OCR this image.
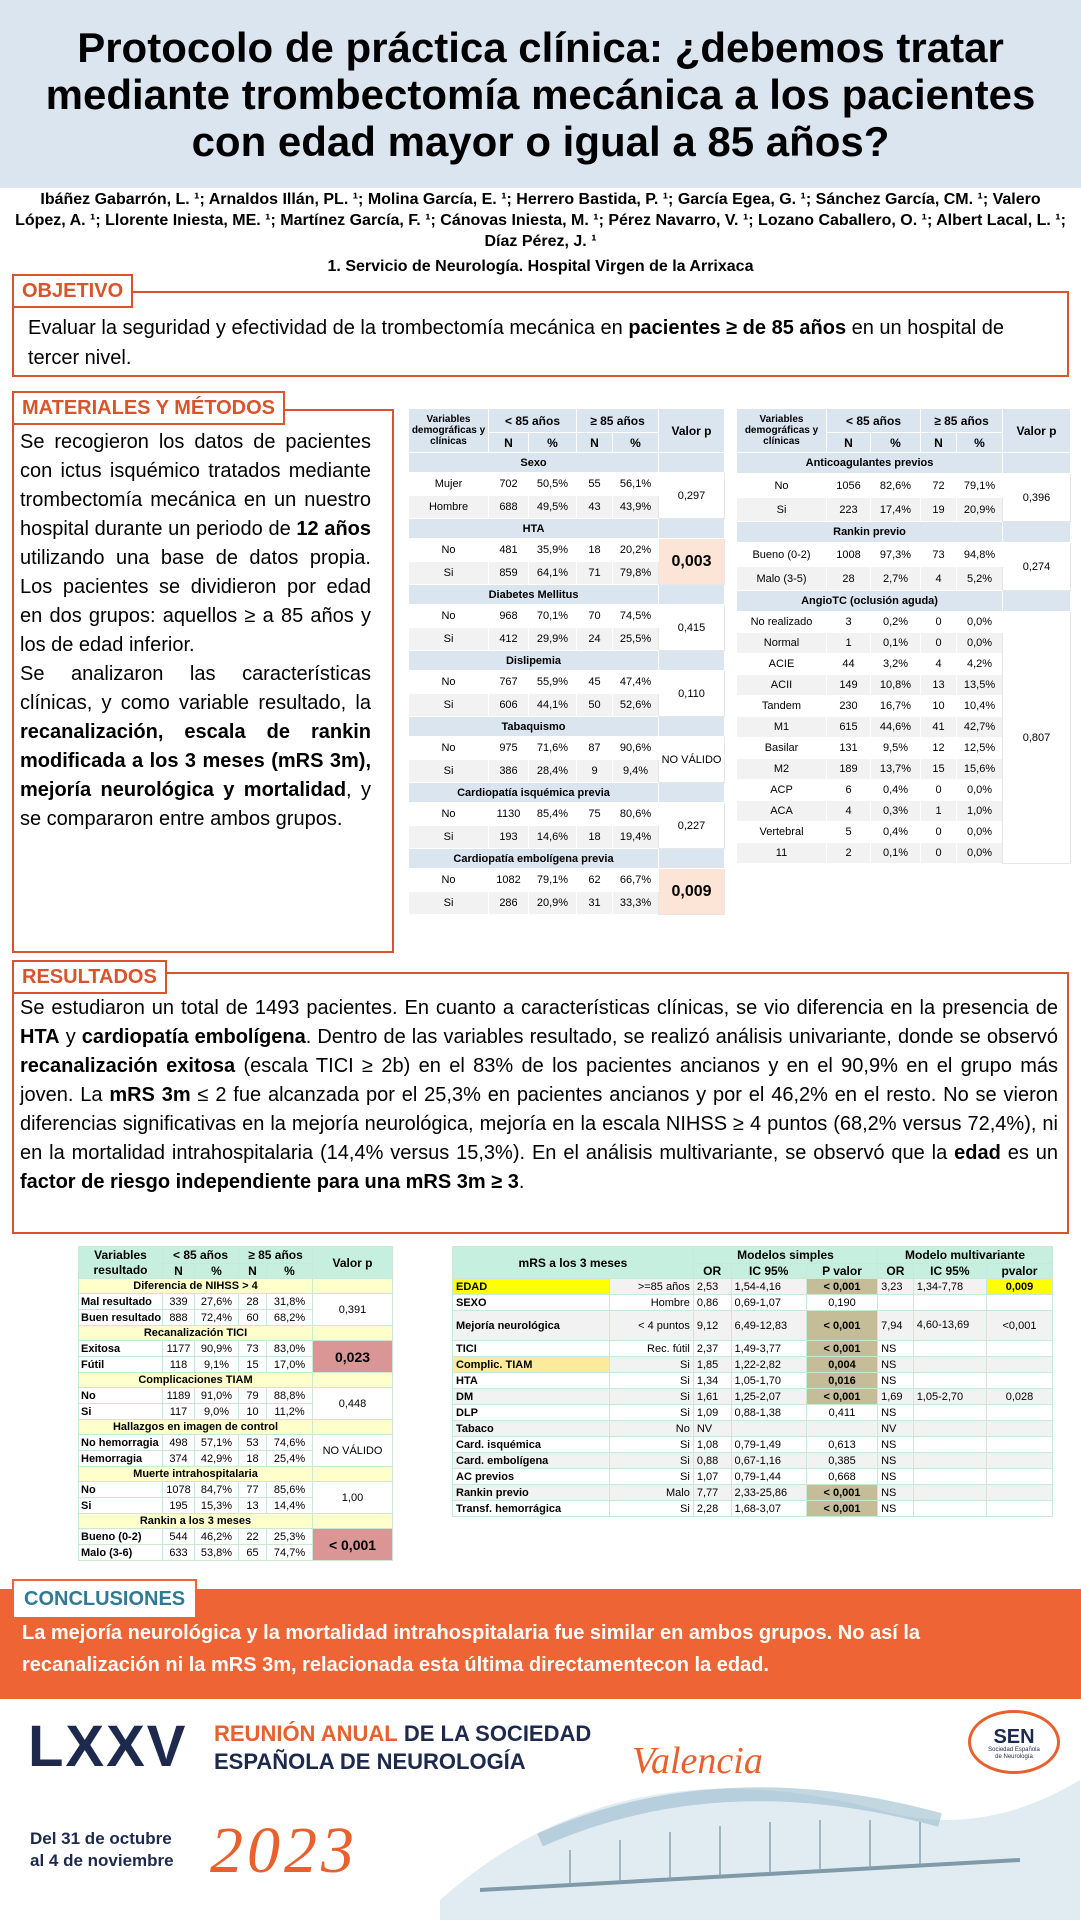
Protocolo de práctica clínica: ¿debemos tratar mediante trombectomía mecánica a los pacientes con edad mayor o igual a 85 años?
Ibáñez Gabarrón, L. ¹; Arnaldos Illán, PL. ¹; Molina García, E. ¹; Herrero Bastida, P. ¹; García Egea, G. ¹; Sánchez García, CM. ¹; Valero López, A. ¹; Llorente Iniesta, ME. ¹; Martínez García, F. ¹; Cánovas Iniesta, M. ¹; Pérez Navarro, V. ¹; Lozano Caballero, O. ¹; Albert Lacal, L. ¹; Díaz Pérez, J. ¹
1. Servicio de Neurología. Hospital Virgen de la Arrixaca
OBJETIVO
Evaluar la seguridad y efectividad de la trombectomía mecánica en pacientes ≥ de 85 años en un hospital de tercer nivel.
MATERIALES Y MÉTODOS
Se recogieron los datos de pacientes con ictus isquémico tratados mediante trombectomía mecánica en un nuestro hospital durante un periodo de 12 años utilizando una base de datos propia. Los pacientes se dividieron por edad en dos grupos: aquellos ≥ a 85 años y los de edad inferior.
Se analizaron las características clínicas, y como variable resultado, la recanalización, escala de rankin modificada a los 3 meses (mRS 3m), mejoría neurológica y mortalidad, y se compararon entre ambos grupos.
Variables demográficas y clínicas	< 85 años		≥ 85 años		Valor p
	N	%	N	%	
Sexo					
Mujer	702	50,5%	55	56,1%	0,297
Hombre	688	49,5%	43	43,9%	
HTA					
No	481	35,9%	18	20,2%	0,003
Si	859	64,1%	71	79,8%	
Diabetes Mellitus					
No	968	70,1%	70	74,5%	0,415
Si	412	29,9%	24	25,5%	
Dislipemia					
No	767	55,9%	45	47,4%	0,110
Si	606	44,1%	50	52,6%	
Tabaquismo					
No	975	71,6%	87	90,6%	NO VÁLIDO
Si	386	28,4%	9	9,4%	
Cardiopatía isquémica previa					
No	1130	85,4%	75	80,6%	0,227
Si	193	14,6%	18	19,4%	
Cardiopatía embolígena previa					
No	1082	79,1%	62	66,7%	0,009
Si	286	20,9%	31	33,3%	
Variables demográficas y clínicas	< 85 años		≥ 85 años		Valor p
	N	%	N	%	
Anticoagulantes previos					
No	1056	82,6%	72	79,1%	0,396
Si	223	17,4%	19	20,9%	
Rankin previo					
Bueno (0-2)	1008	97,3%	73	94,8%	0,274
Malo (3-5)	28	2,7%	4	5,2%	
AngioTC (oclusión aguda)					
No realizado	3	0,2%	0	0,0%	0,807
Normal	1	0,1%	0	0,0%	
ACIE	44	3,2%	4	4,2%	
ACII	149	10,8%	13	13,5%	
Tandem	230	16,7%	10	10,4%	
M1	615	44,6%	41	42,7%	
Basilar	131	9,5%	12	12,5%	
M2	189	13,7%	15	15,6%	
ACP	6	0,4%	0	0,0%	
ACA	4	0,3%	1	1,0%	
Vertebral	5	0,4%	0	0,0%	
11	2	0,1%	0	0,0%	
RESULTADOS
Se estudiaron un total de 1493 pacientes. En cuanto a características clínicas, se vio diferencia en la presencia de HTA y cardiopatía embolígena. Dentro de las variables resultado, se realizó análisis univariante, donde se observó recanalización exitosa (escala TICI ≥ 2b) en el 83% de los pacientes ancianos y en el 90,9% en el grupo más joven. La mRS 3m ≤ 2 fue alcanzada por el 25,3% en pacientes ancianos y por el 46,2% en el resto. No se vieron diferencias significativas en la mejoría neurológica, mejoría en la escala NIHSS ≥ 4 puntos (68,2% versus 72,4%), ni en la mortalidad intrahospitalaria (14,4% versus 15,3%). En el análisis multivariante, se observó que la edad es un factor de riesgo independiente para una mRS 3m ≥ 3.
Variables resultado	< 85 años		≥ 85 años		Valor p
	N	%	N	%	
Diferencia de NIHSS > 4					
Mal resultado	339	27,6%	28	31,8%	0,391
Buen resultado	888	72,4%	60	68,2%	
Recanalización TICI					
Exitosa	1177	90,9%	73	83,0%	0,023
Fútil	118	9,1%	15	17,0%	
Complicaciones TIAM					
No	1189	91,0%	79	88,8%	0,448
Si	117	9,0%	10	11,2%	
Hallazgos en imagen de control					
No hemorragia	498	57,1%	53	74,6%	NO VÁLIDO
Hemorragia	374	42,9%	18	25,4%	
Muerte intrahospitalaria					
No	1078	84,7%	77	85,6%	1,00
Si	195	15,3%	13	14,4%	
Rankin a los 3 meses					
Bueno (0-2)	544	46,2%	22	25,3%	< 0,001
Malo (3-6)	633	53,8%	65	74,7%	
mRS a los 3 meses		Modelos simples			Modelo multivariante		
		OR	IC 95%	P valor	OR	IC 95%	pvalor
EDAD	>=85 años	2,53	1,54-4,16	< 0,001	3,23	1,34-7,78	0,009
SEXO	Hombre	0,86	0,69-1,07	0,190			
Mejoría neurológica	< 4 puntos	9,12	6,49-12,83	< 0,001	7,94	4,60-13,69	<0,001
TICI	Rec. fútil	2,37	1,49-3,77	< 0,001	NS		
Complic. TIAM	Si	1,85	1,22-2,82	0,004	NS		
HTA	Si	1,34	1,05-1,70	0,016	NS		
DM	Si	1,61	1,25-2,07	< 0,001	1,69	1,05-2,70	0,028
DLP	Si	1,09	0,88-1,38	0,411	NS		
Tabaco	No	NV			NV		
Card. isquémica	Si	1,08	0,79-1,49	0,613	NS		
Card. embolígena	Si	0,88	0,67-1,16	0,385	NS		
AC previos	Si	1,07	0,79-1,44	0,668	NS		
Rankin previo	Malo	7,77	2,33-25,86	< 0,001	NS		
Transf. hemorrágica	Si	2,28	1,68-3,07	< 0,001	NS		
CONCLUSIONES
La mejoría neurológica y la mortalidad intrahospitalaria fue similar en ambos grupos. No así la recanalización ni la mRS 3m, relacionada esta última directamentecon la edad.
LXXV REUNIÓN ANUAL DE LA SOCIEDAD
ESPAÑOLA DE NEUROLOGÍA	Valencia
Del 31 de octubre
al 4 de noviembre 2023
SEN
Sociedad Española
de Neurología
